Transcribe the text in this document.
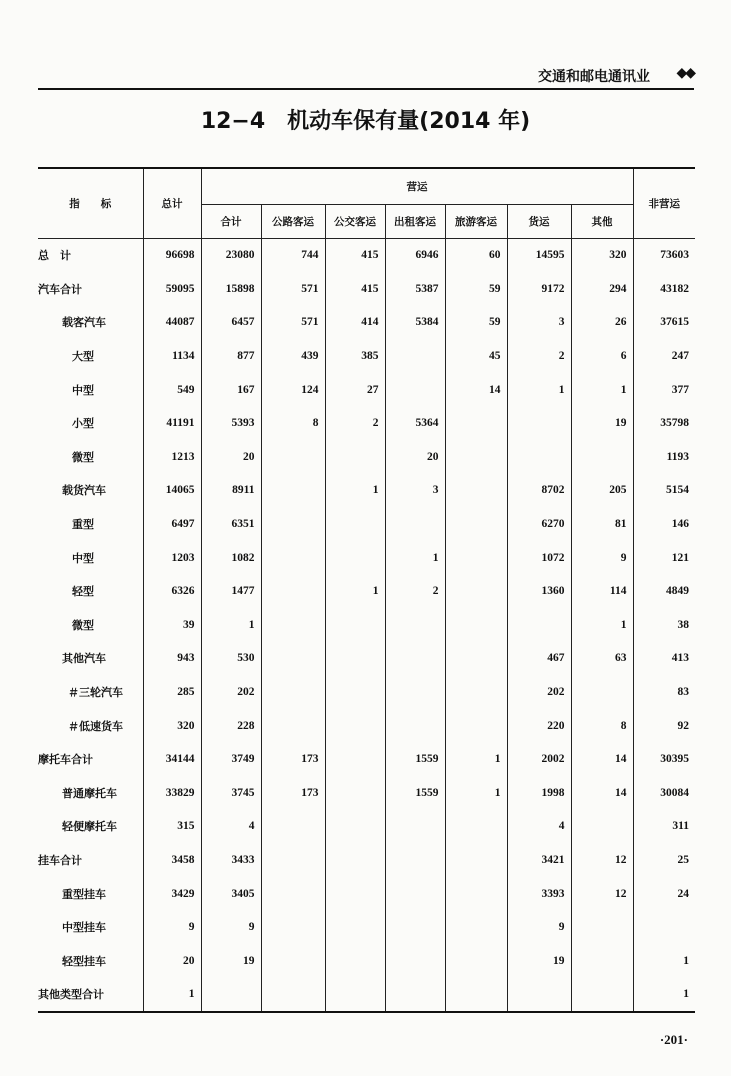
交通和邮电通讯业 ◆◆
12−4　机动车保有量(2014 年)
指　　标	总计	营运							非营运
		合计	公路客运	公交客运	出租客运	旅游客运	货运	其他	
总　计	96698	23080	744	415	6946	60	14595	320	73603
汽车合计	59095	15898	571	415	5387	59	9172	294	43182
载客汽车	44087	6457	571	414	5384	59	3	26	37615
大型	1134	877	439	385		45	2	6	247
中型	549	167	124	27		14	1	1	377
小型	41191	5393	8	2	5364			19	35798
微型	1213	20			20				1193
载货汽车	14065	8911		1	3		8702	205	5154
重型	6497	6351					6270	81	146
中型	1203	1082			1		1072	9	121
轻型	6326	1477		1	2		1360	114	4849
微型	39	1						1	38
其他汽车	943	530					467	63	413
＃三轮汽车	285	202					202		83
＃低速货车	320	228					220	8	92
摩托车合计	34144	3749	173		1559	1	2002	14	30395
普通摩托车	33829	3745	173		1559	1	1998	14	30084
轻便摩托车	315	4					4		311
挂车合计	3458	3433					3421	12	25
重型挂车	3429	3405					3393	12	24
中型挂车	9	9					9		
轻型挂车	20	19					19		1
其他类型合计	1								1
·201·
